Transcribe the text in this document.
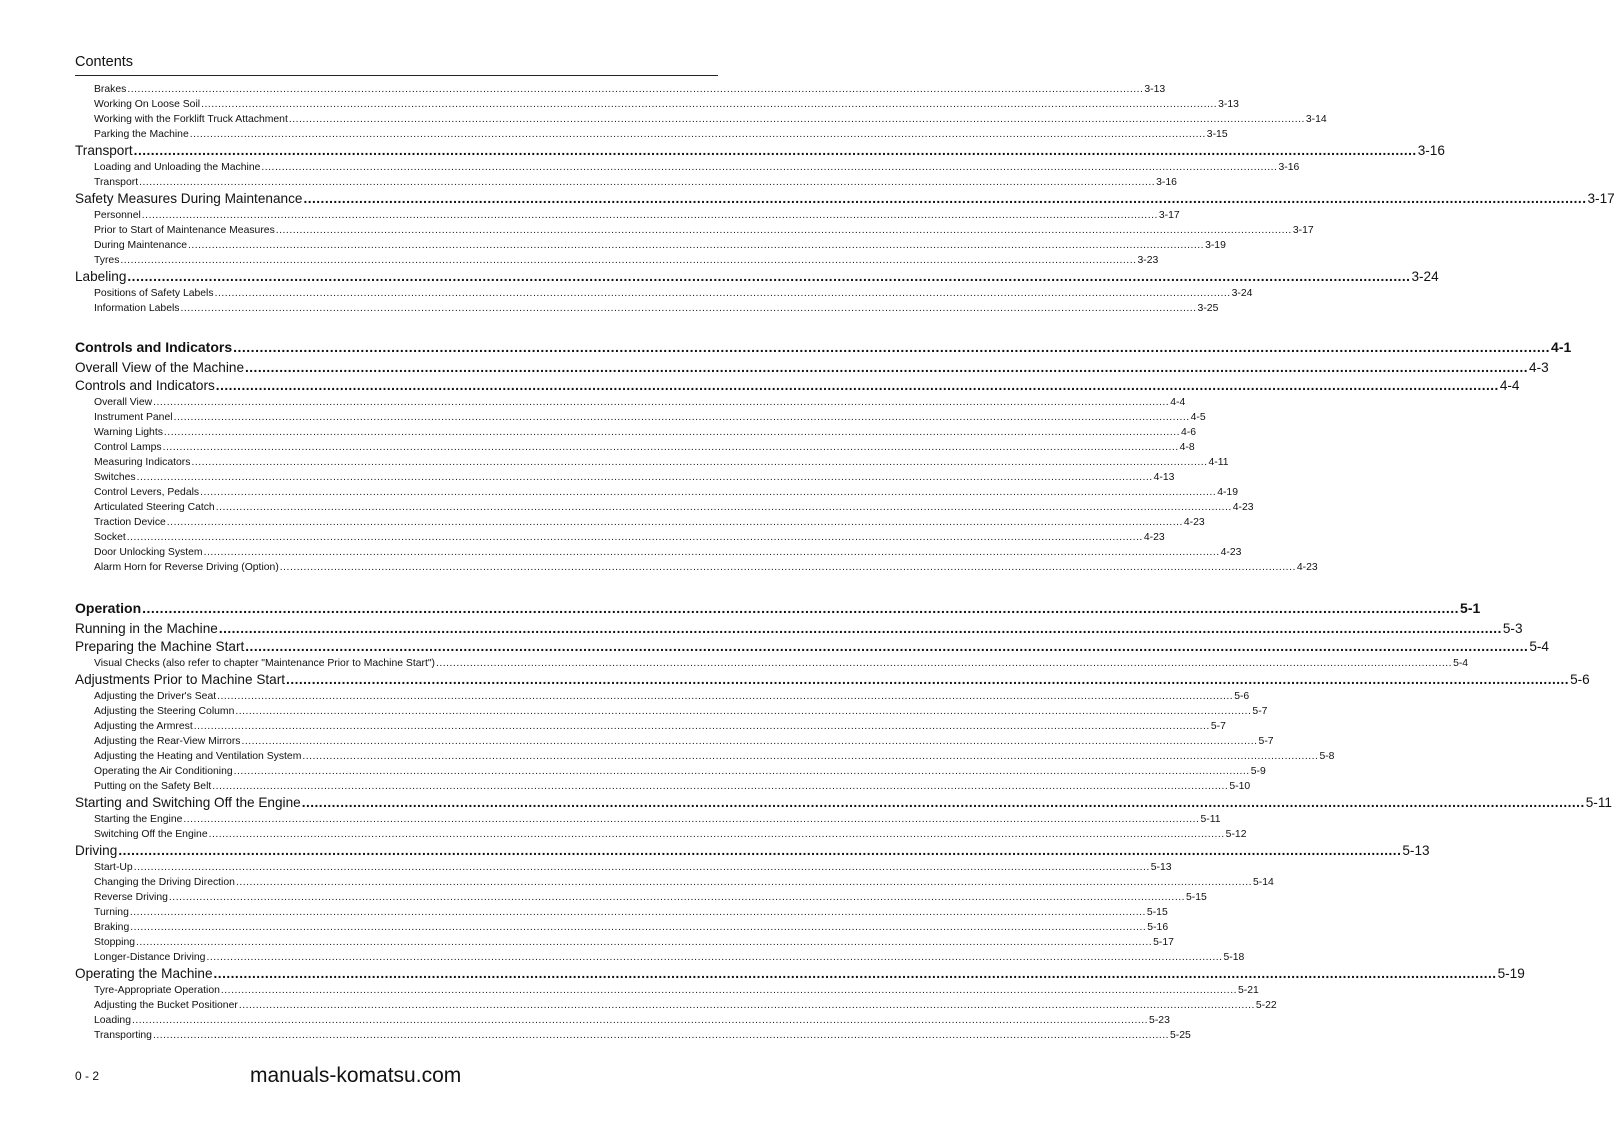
Contents
Brakes ............................................................................................................................................................................................................................................................................................................ 3-13
Working On Loose Soil ............................................................................................................................................................................................................................................................................................................ 3-13
Working with the Forklift Truck Attachment ............................................................................................................................................................................................................................................................................................................ 3-14
Parking the Machine ............................................................................................................................................................................................................................................................................................................ 3-15
Transport ............................................................................................................................................................................................................................................................................................................ 3-16
Loading and Unloading the Machine ............................................................................................................................................................................................................................................................................................................ 3-16
Transport ............................................................................................................................................................................................................................................................................................................ 3-16
Safety Measures During Maintenance ............................................................................................................................................................................................................................................................................................................ 3-17
Personnel ............................................................................................................................................................................................................................................................................................................ 3-17
Prior to Start of Maintenance Measures ............................................................................................................................................................................................................................................................................................................ 3-17
During Maintenance ............................................................................................................................................................................................................................................................................................................ 3-19
Tyres ............................................................................................................................................................................................................................................................................................................ 3-23
Labeling ............................................................................................................................................................................................................................................................................................................ 3-24
Positions of Safety Labels ............................................................................................................................................................................................................................................................................................................ 3-24
Information Labels ............................................................................................................................................................................................................................................................................................................ 3-25
Controls and Indicators ............................................................................................................................................................................................................................................................................................................ 4-1
Overall View of the Machine ............................................................................................................................................................................................................................................................................................................ 4-3
Controls and Indicators ............................................................................................................................................................................................................................................................................................................ 4-4
Overall View ............................................................................................................................................................................................................................................................................................................ 4-4
Instrument Panel ............................................................................................................................................................................................................................................................................................................ 4-5
Warning Lights ............................................................................................................................................................................................................................................................................................................ 4-6
Control Lamps ............................................................................................................................................................................................................................................................................................................ 4-8
Measuring Indicators ............................................................................................................................................................................................................................................................................................................ 4-11
Switches ............................................................................................................................................................................................................................................................................................................ 4-13
Control Levers, Pedals ............................................................................................................................................................................................................................................................................................................ 4-19
Articulated Steering Catch ............................................................................................................................................................................................................................................................................................................ 4-23
Traction Device ............................................................................................................................................................................................................................................................................................................ 4-23
Socket ............................................................................................................................................................................................................................................................................................................ 4-23
Door Unlocking System ............................................................................................................................................................................................................................................................................................................ 4-23
Alarm Horn for Reverse Driving (Option) ............................................................................................................................................................................................................................................................................................................ 4-23
Operation ............................................................................................................................................................................................................................................................................................................ 5-1
Running in the Machine ............................................................................................................................................................................................................................................................................................................ 5-3
Preparing the Machine Start ............................................................................................................................................................................................................................................................................................................ 5-4
Visual Checks (also refer to chapter "Maintenance Prior to Machine Start") ............................................................................................................................................................................................................................................................................................................ 5-4
Adjustments Prior to Machine Start ............................................................................................................................................................................................................................................................................................................ 5-6
Adjusting the Driver's Seat ............................................................................................................................................................................................................................................................................................................ 5-6
Adjusting the Steering Column ............................................................................................................................................................................................................................................................................................................ 5-7
Adjusting the Armrest ............................................................................................................................................................................................................................................................................................................ 5-7
Adjusting the Rear-View Mirrors ............................................................................................................................................................................................................................................................................................................ 5-7
Adjusting the Heating and Ventilation System ............................................................................................................................................................................................................................................................................................................ 5-8
Operating the Air Conditioning ............................................................................................................................................................................................................................................................................................................ 5-9
Putting on the Safety Belt ............................................................................................................................................................................................................................................................................................................ 5-10
Starting and Switching Off the Engine ............................................................................................................................................................................................................................................................................................................ 5-11
Starting the Engine ............................................................................................................................................................................................................................................................................................................ 5-11
Switching Off the Engine ............................................................................................................................................................................................................................................................................................................ 5-12
Driving ............................................................................................................................................................................................................................................................................................................ 5-13
Start-Up ............................................................................................................................................................................................................................................................................................................ 5-13
Changing the Driving Direction ............................................................................................................................................................................................................................................................................................................ 5-14
Reverse Driving ............................................................................................................................................................................................................................................................................................................ 5-15
Turning ............................................................................................................................................................................................................................................................................................................ 5-15
Braking ............................................................................................................................................................................................................................................................................................................ 5-16
Stopping ............................................................................................................................................................................................................................................................................................................ 5-17
Longer-Distance Driving ............................................................................................................................................................................................................................................................................................................ 5-18
Operating the Machine ............................................................................................................................................................................................................................................................................................................ 5-19
Tyre-Appropriate Operation ............................................................................................................................................................................................................................................................................................................ 5-21
Adjusting the Bucket Positioner ............................................................................................................................................................................................................................................................................................................ 5-22
Loading ............................................................................................................................................................................................................................................................................................................ 5-23
Transporting ............................................................................................................................................................................................................................................................................................................ 5-25
manuals-komatsu.com
0 - 2
